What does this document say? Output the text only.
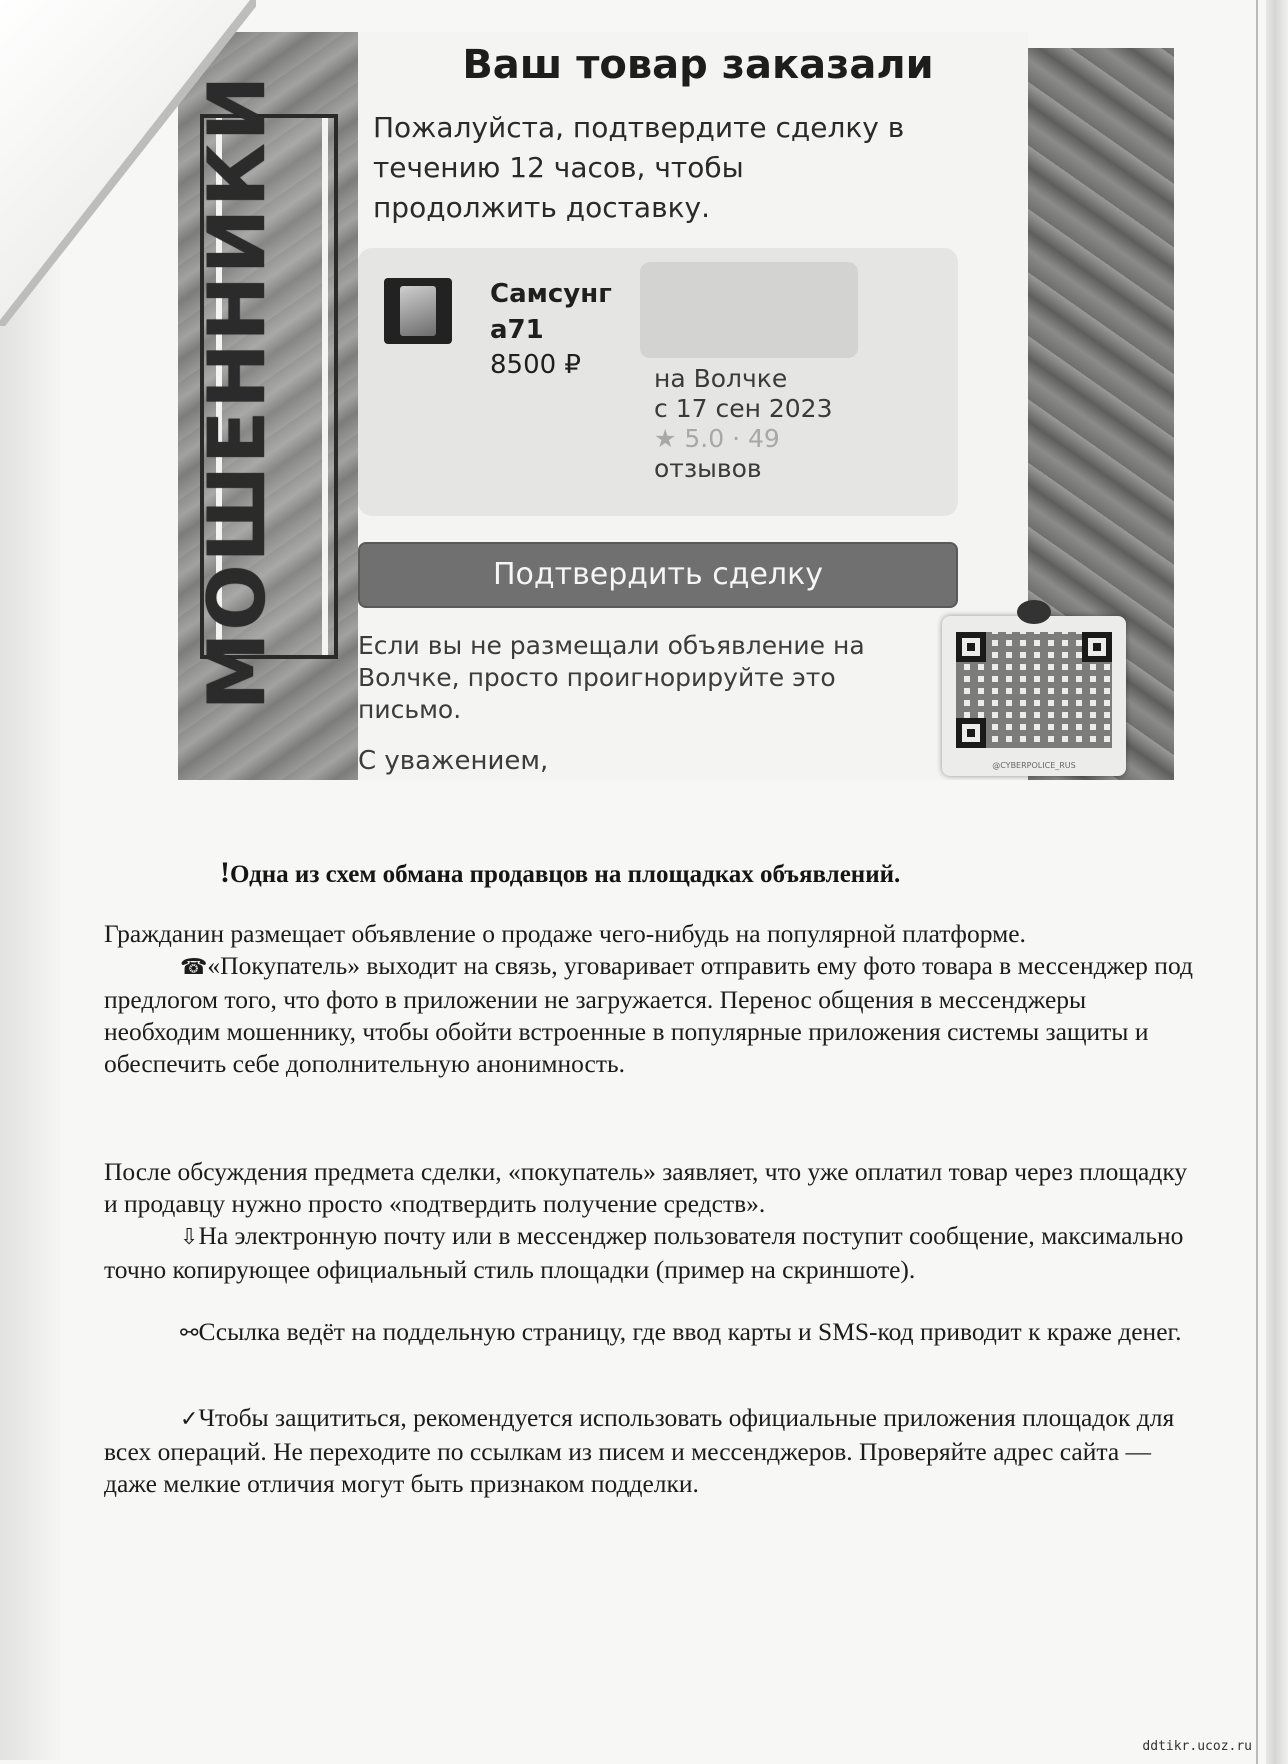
МОШЕННИКИ
Ваш товар заказали
Пожалуйста, подтвердите сделку в течению 12 часов, чтобы продолжить доставку.
Самсунг а71
8500 ₽	на Волчке
с 17 сен 2023
★ 5.0 · 49
отзывов
Подтвердить сделку
Если вы не размещали объявление на Волчке, просто проигнорируйте это письмо.
С уважением,	@CYBERPOLICE_RUS
!Одна из схем обмана продавцов на площадках объявлений.

Гражданин размещает объявление о продаже чего-нибудь на популярной платформе.

☎«Покупатель» выходит на связь, уговаривает отправить ему фото товара в мессенджер под предлогом того, что фото в приложении не загружается. Перенос общения в мессенджеры необходим мошеннику, чтобы обойти встроенные в популярные приложения системы защиты и обеспечить себе дополнительную анонимность.

После обсуждения предмета сделки, «покупатель» заявляет, что уже оплатил товар через площадку и продавцу нужно просто «подтвердить получение средств».

⇩На электронную почту или в мессенджер пользователя поступит сообщение, максимально точно копирующее официальный стиль площадки (пример на скриншоте).

⚯Ссылка ведёт на поддельную страницу, где ввод карты и SMS-код приводит к краже денег.

✓Чтобы защититься, рекомендуется использовать официальные приложения площадок для всех операций. Не переходите по ссылкам из писем и мессенджеров. Проверяйте адрес сайта — даже мелкие отличия могут быть признаком подделки.

ddtikr.ucoz.ru
